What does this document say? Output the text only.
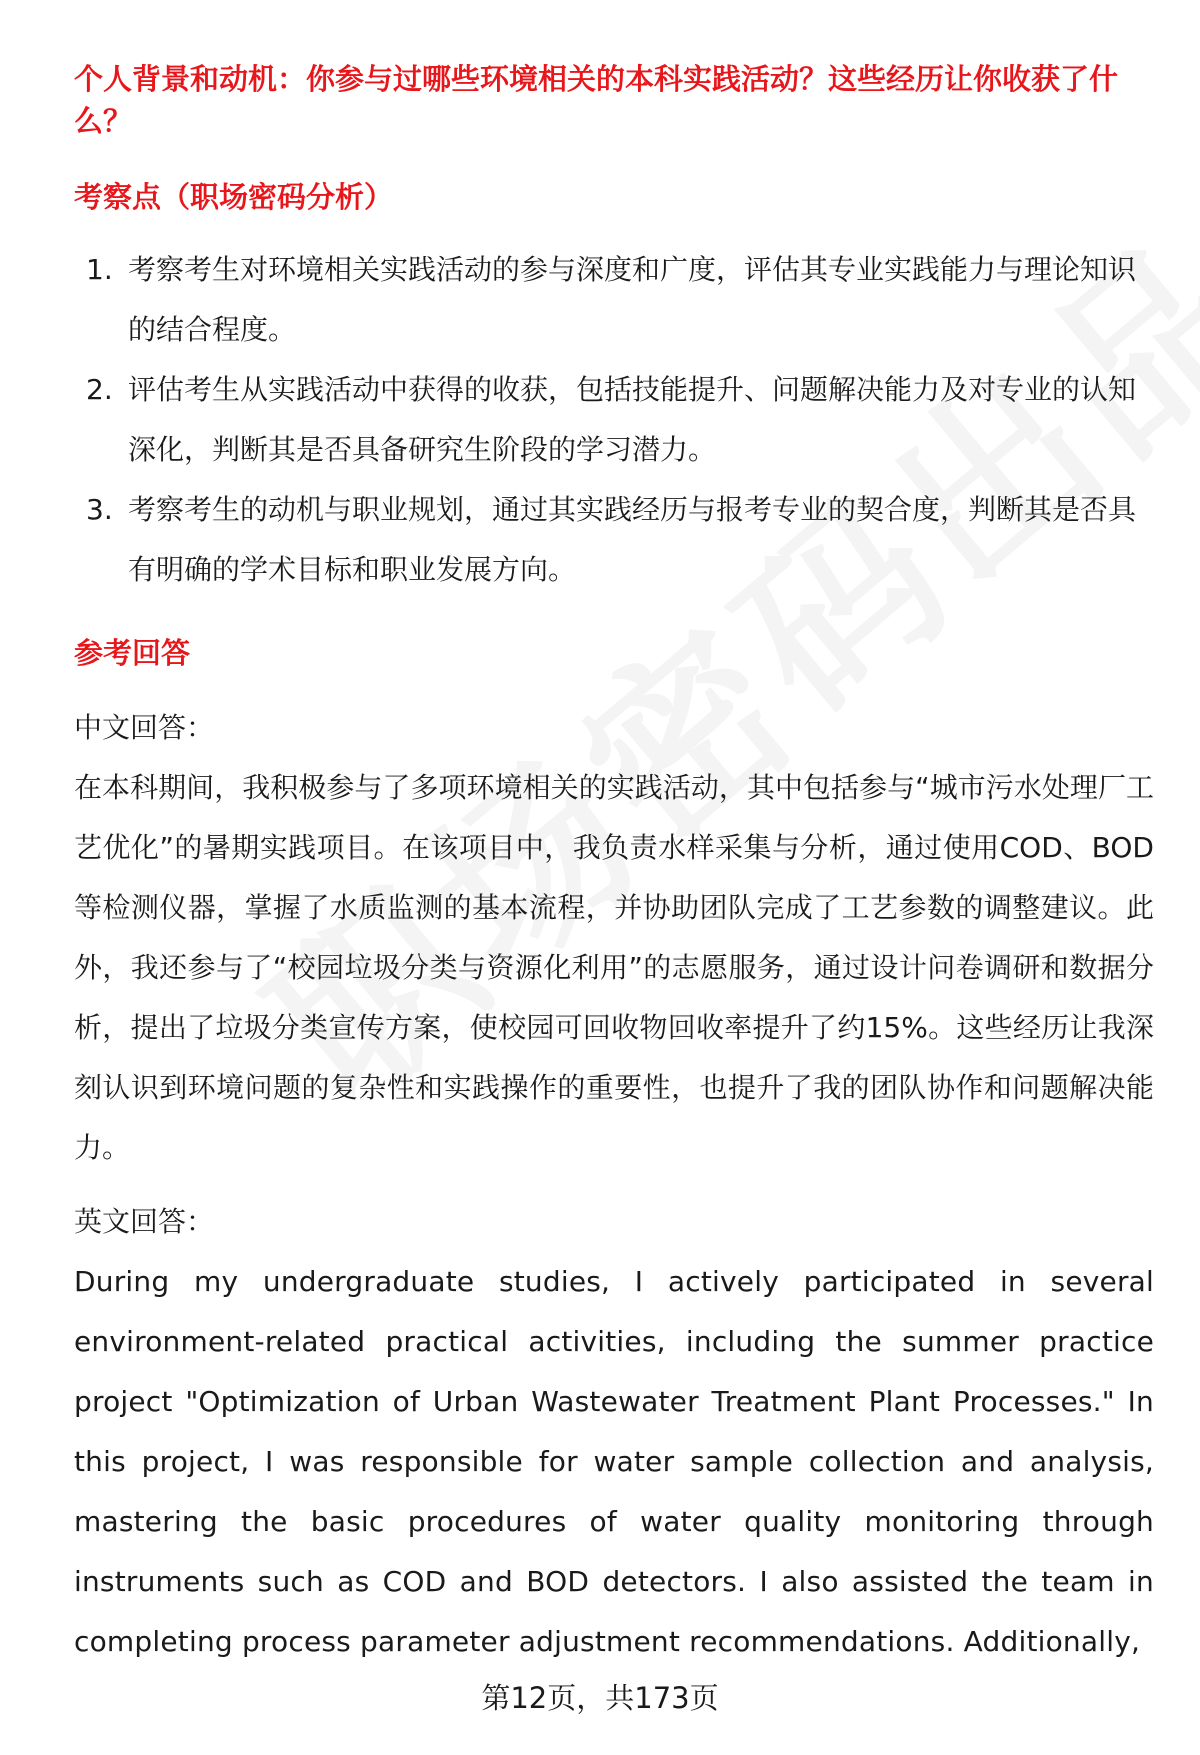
个人背景和动机：你参与过哪些环境相关的本科实践活动？这些经历让你收获了什么？

考察点（职场密码分析）

1. 考察考生对环境相关实践活动的参与深度和广度，评估其专业实践能力与理论知识的结合程度。
2. 评估考生从实践活动中获得的收获，包括技能提升、问题解决能力及对专业的认知深化，判断其是否具备研究生阶段的学习潜力。
3. 考察考生的动机与职业规划，通过其实践经历与报考专业的契合度，判断其是否具有明确的学术目标和职业发展方向。

参考回答

中文回答：

在本科期间，我积极参与了多项环境相关的实践活动，其中包括参与“城市污水处理厂工艺优化”的暑期实践项目。在该项目中，我负责水样采集与分析，通过使用COD、BOD等检测仪器，掌握了水质监测的基本流程，并协助团队完成了工艺参数的调整建议。此外，我还参与了“校园垃圾分类与资源化利用”的志愿服务，通过设计问卷调研和数据分析，提出了垃圾分类宣传方案，使校园可回收物回收率提升了约15%。这些经历让我深刻认识到环境问题的复杂性和实践操作的重要性，也提升了我的团队协作和问题解决能力。

英文回答：

During my undergraduate studies, I actively participated in several environment-related practical activities, including the summer practice project "Optimization of Urban Wastewater Treatment Plant Processes." In this project, I was responsible for water sample collection and analysis, mastering the basic procedures of water quality monitoring through instruments such as COD and BOD detectors. I also assisted the team in completing process parameter adjustment recommendations. Additionally,

第12页，共173页
